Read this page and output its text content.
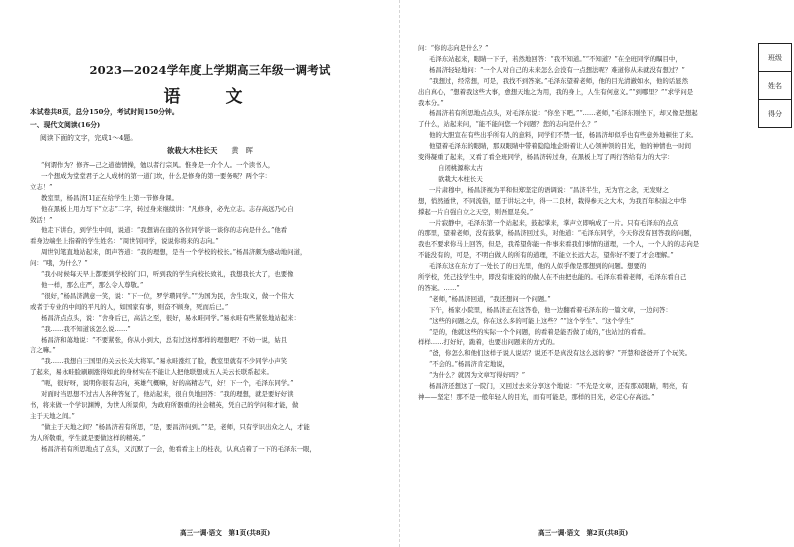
2023—2024学年度上学期高三年级一调考试
语　文
本试卷共8页，总分150分，考试时间150分钟。
一、现代文阅读(16分)
阅读下面的文字，完成1～4题。
欲栽大木柱长天 黄　晖

“何谓作为？修齐—己之道德情操，勉以者行宗风。惟身是一介个人。一个读书人，

一个想成为堂堂君子之人成材的第一道门坎，什么是修身的第一要务呢？两个字：

立志！”

教室里，杨昌济[1]正在给学生上第一节修身课。

他在黑板上用力写下“立志”二字，转过身来继续讲：“凡修身，必先立志。志存高远乃心自

敛活！”

他走下讲台，到学生中间，说道：“我想请在座的各位同学谈一谈你的志向是什么。”他看

看身边端坐上指着的学生姓名：“周世钊同学，说说你将来的志向。”

周世钊笔直地站起来，朗声答道：“我的理想，是当一个学校的校长。”杨昌济颇为感动地问道，

问：“哦，为什么？”

“我小时候每天早上都要到学校的门口，听到我的学生向校长致礼，我想我长大了，也要像

他一样，那么庄严，那么令人尊敬。”

“很好，”杨昌济满意一笑，说：“下一位，罗学瓒同学。”“为国为民，舍生取义，做一个伟大

或者于专业的中间的平凡的人，如国家有事，则奋不顾身，死而后已。”

杨昌济点点头，说：“舍身后已，高洁之至，很好，易永畦同学。”易永畦有些紧张地站起来：

“我……我不知道该怎么说……”

杨昌济和蔼地说：“不要紧张，你从小到大，总有过这样那样的理想吧？不妨一说，姑且

言之嘛。”

“我……我想自三国里的关云长关大将军。”易永畦涨红了脸，教室里就有不少同学小声笑

了起来，易永畦脸刷刷涨得如此的身材实在不能让人把他联想成五人关云长联系起来。

“呃，很好呀，说明你很有志向，英雄气概嘛，好的高精志气，好！下一个，毛泽东同学。”

对面时当思想不过古人各种答复了，他站起来，很自负地回答：“我的理想，就是要好好读

书，将来做一个学识渊博，为世人所景仰，为政府所器重的社会精英，凭自己的学问和才能，做

主于天地之间。”

“做主于天地之间？”杨昌济若有所思，“是，要昌济问到。”“是，老师，只有学识出众之人，才能

为人所敬重，学生就是要做这样的精英。”

杨昌济若有所思地点了点头，又沉默了一会，他看看主上的桂表，认真点着了一下的毛泽东一眼，

高三一调·语文　第1页(共8页)

问：“你的志向是什么？”

毛泽东站起来，眼睛一下子，若然地回答：“我不知道。”“不知道？”在全班同学的瞩目中，

杨昌济轻轻地问：“一个人对自己的未来怎么会没有一点想法呢？难道你从未就没有想过？”

“我想过，经常想，可是，我找不到答案。”毛泽东望着老师，他的目光清澈如水，他的话显然

出自真心，“想着我这些大事，愈想天地之为用，我的身上，人生有何意义。”“到哪里？”“求学问是

我本分。”

杨昌济若有所思地点点头，对毛泽东说：“你坐下吧。”“……老师，”毛泽东刚坐下，却又像是想起

了什么，站起来问，“能不能问您一个问题？您的志向是什么？”

他的大胆宣在有些出乎所有人的意料，同学们不禁一怔，杨昌济却似乎也有些意外地顿住了来。

他望着毛泽东的眼睛，那双眼睛中带着隐隐地企盼着让人心领神领的目光，他的神情也一时间

变得凝重了起来，又看了看全班同学，杨昌济转过身，在黑板上写了两行答给有力的大字：

自闭桃源称太古

欲栽大木柱长天

一片肃穆中，杨昌济视为平和但郑坚定的语调说：“昌济半生，无为官之念，无发财之

想，悄然遁世，不同流俗，愿于讲坛之中，得一二良材，栽得参天之大木，为我百年积弱之中华

撑起一片自强自立之天空，则吾愿足矣。”

一片寂静中，毛泽东第一个站起来，鼓起掌来，掌声立即响成了一片。只有毛泽东的点点

的那里，望着老师，没有鼓掌，杨昌济回过头，对他道：“毛泽东同学，今天你没有回答我的问题，

我也不要求你马上回答，但是，我希望你能一件事来看我们事情的道理，一个人，一个人的的志向是

不能没有的，可是，不明白做人的所有的道理，不能立长远大志，望你好不要了才会理解。”

毛泽东这在东方了一处长了的日光里，他的人似乎像是那想到的问题。想要的

所学校，凭己技学生中，即没有谁说的的做人在不由把也能的。毛泽东看着老师，毛泽东看自己

的答案。……”

“老师，”杨昌济回道，“我还想问一个问题。”

下午，杨家小院里，杨昌济正在这答卷，他一边翻看着毛泽东的一篇文章，一边问答：

“这些的问题之点，你在这么多的可能上这些？”“这个学生”、“这个学生”

“是的，他就这些的实际一个个问题，的看着是能否做了成的，”也站过的看看。

样样……打好好，跪着，也要出问题来的方式的。

“爸，你怎么和他们这样子说人说话？说还不是真没有这么远的事？”开慧和爸爸开了个玩笑。

“不会的。”杨昌济肯定地说，

“为什么？就因为文章写得好吗？”

杨昌济还想这了一院门，又回过去来分享这个地说：“不光是文章，还有那双眼睛，明亮，有

神——坚定！那不是一般年轻人的目光，而有可能是，那样的目光，必定心存高远。”

高三一调·语文　第2页(共8页)
班级
姓名
得分
